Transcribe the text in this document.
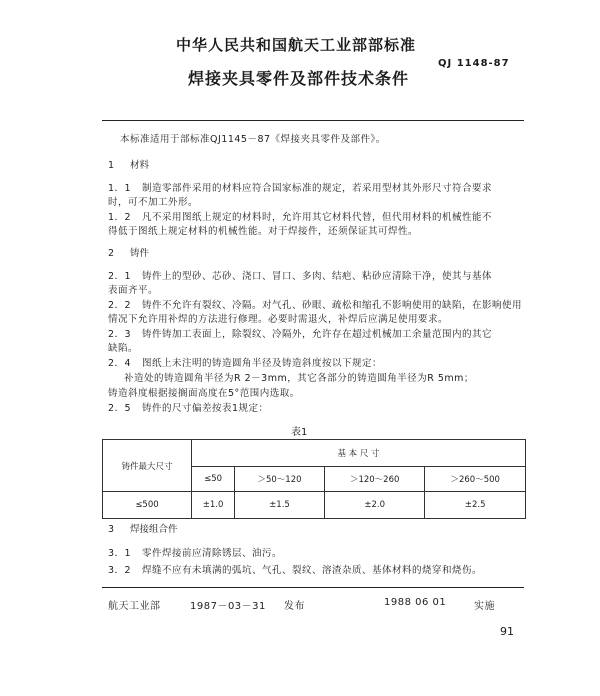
中华人民共和国航天工业部部标准
QJ 1148-87
焊接夹具零件及部件技术条件
本标准适用于部标准QJ1145－87《焊接夹具零件及部件》。
1 材料
1．1 制造零部件采用的材料应符合国家标准的规定，若采用型材其外形尺寸符合要求
时，可不加工外形。
1．2 凡不采用图纸上规定的材料时，允许用其它材料代替，但代用材料的机械性能不
得低于图纸上规定材料的机械性能。对于焊接件，还须保证其可焊性。
2 铸件
2．1 铸件上的型砂、芯砂、浇口、冒口、多肉、结疤、粘砂应清除干净，使其与基体
表面齐平。
2．2 铸件不允许有裂纹、冷隔。对气孔、砂眼、疏松和缩孔不影响使用的缺陷，在影响使用
情况下允许用补焊的方法进行修理。必要时需退火，补焊后应满足使用要求。
2．3 铸件铸加工表面上，除裂纹、冷隔外，允许存在超过机械加工余量范围内的其它
缺陷。
2．4 图纸上未注明的铸造圆角半径及铸造斜度按以下规定：
补造处的铸造圆角半径为R 2－3mm，其它各部分的铸造圆角半径为R 5mm；
铸造斜度根据接搁面高度在5°范围内选取。
2．5 铸件的尺寸偏差按表1规定：
表1
铸件最大尺寸	基 本 尺 寸			
	≤50	＞50～120	＞120～260	＞260～500
≤500	±1.0	±1.5	±2.0	±2.5
3 焊接组合件
3．1 零件焊接前应清除锈层、油污。
3．2 焊缝不应有未填满的弧坑、气孔、裂纹、溶渣杂质、基体材料的烧穿和烧伤。
航天工业部	1987－03－31 发布	1988 06 01	实施
91
